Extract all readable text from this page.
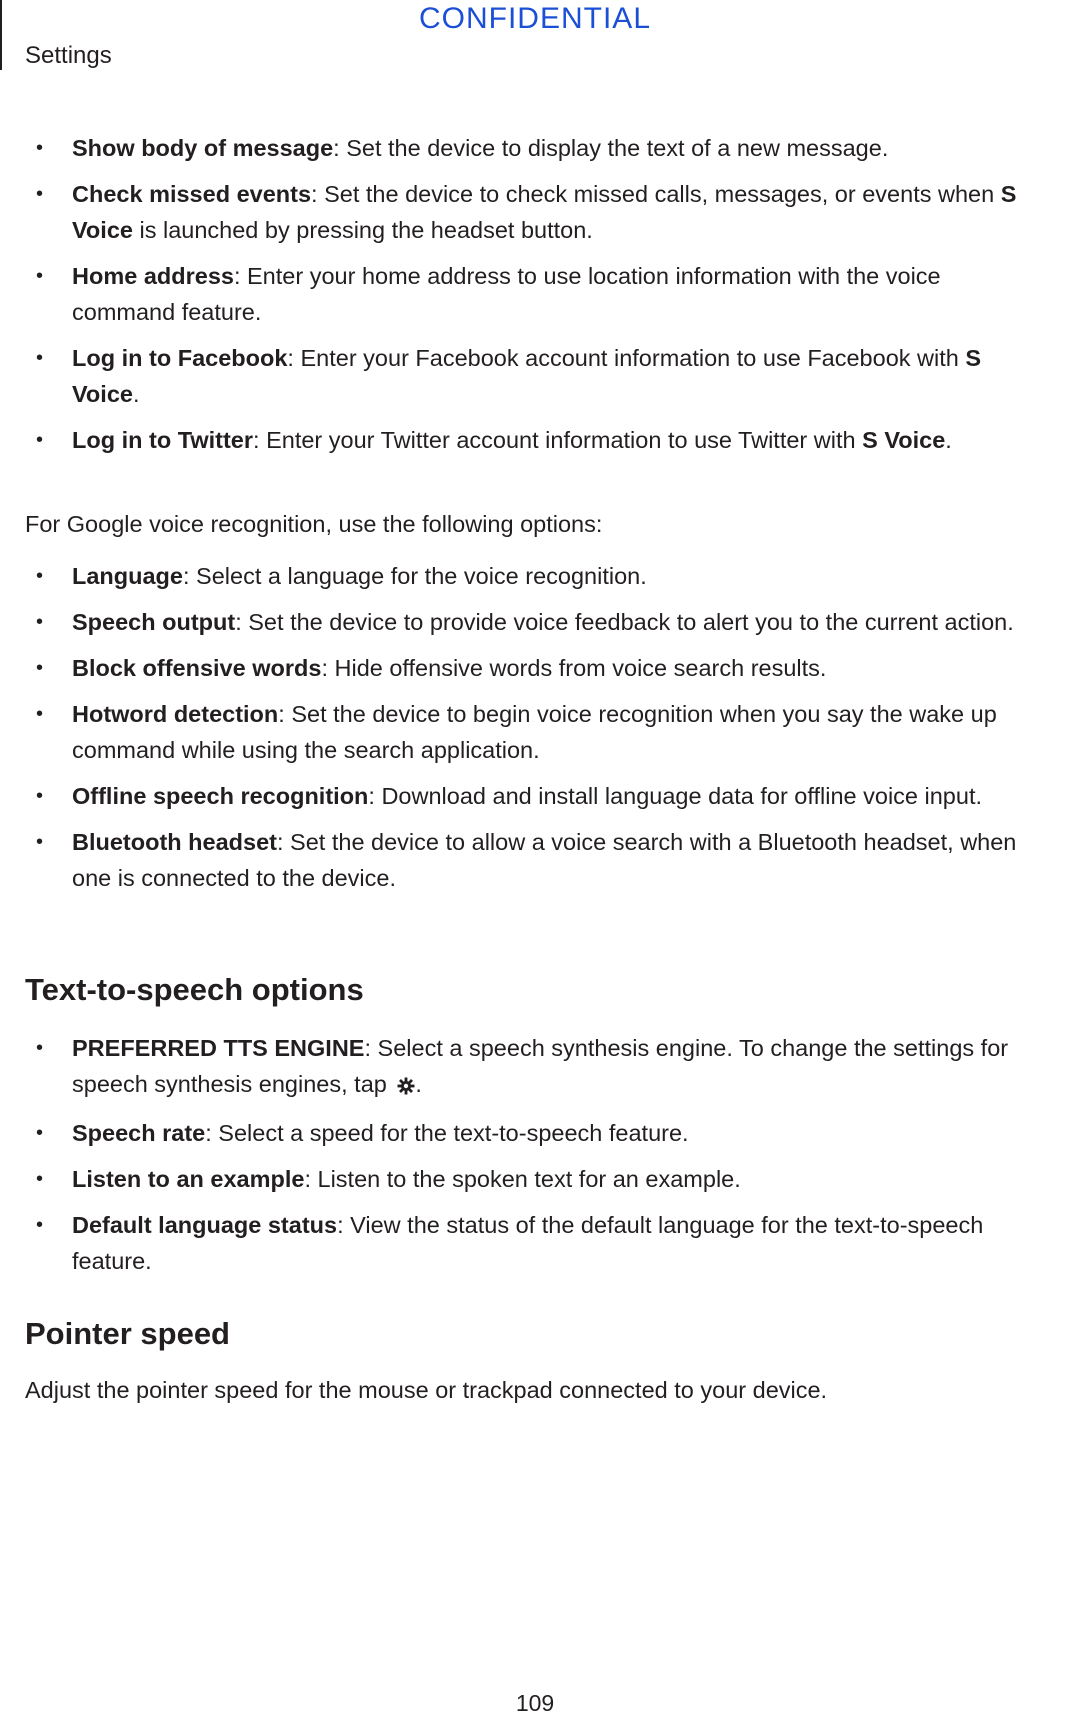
CONFIDENTIAL
Settings
• Show body of message: Set the device to display the text of a new message.
• Check missed events: Set the device to check missed calls, messages, or events when S Voice is launched by pressing the headset button.
• Home address: Enter your home address to use location information with the voice command feature.
• Log in to Facebook: Enter your Facebook account information to use Facebook with S Voice.
• Log in to Twitter: Enter your Twitter account information to use Twitter with S Voice.
For Google voice recognition, use the following options:
• Language: Select a language for the voice recognition.
• Speech output: Set the device to provide voice feedback to alert you to the current action.
• Block offensive words: Hide offensive words from voice search results.
• Hotword detection: Set the device to begin voice recognition when you say the wake up command while using the search application.
• Offline speech recognition: Download and install language data for offline voice input.
• Bluetooth headset: Set the device to allow a voice search with a Bluetooth headset, when one is connected to the device.
Text-to-speech options
• PREFERRED TTS ENGINE: Select a speech synthesis engine. To change the settings for speech synthesis engines, tap .
• Speech rate: Select a speed for the text-to-speech feature.
• Listen to an example: Listen to the spoken text for an example.
• Default language status: View the status of the default language for the text-to-speech feature.
Pointer speed
Adjust the pointer speed for the mouse or trackpad connected to your device.
109
